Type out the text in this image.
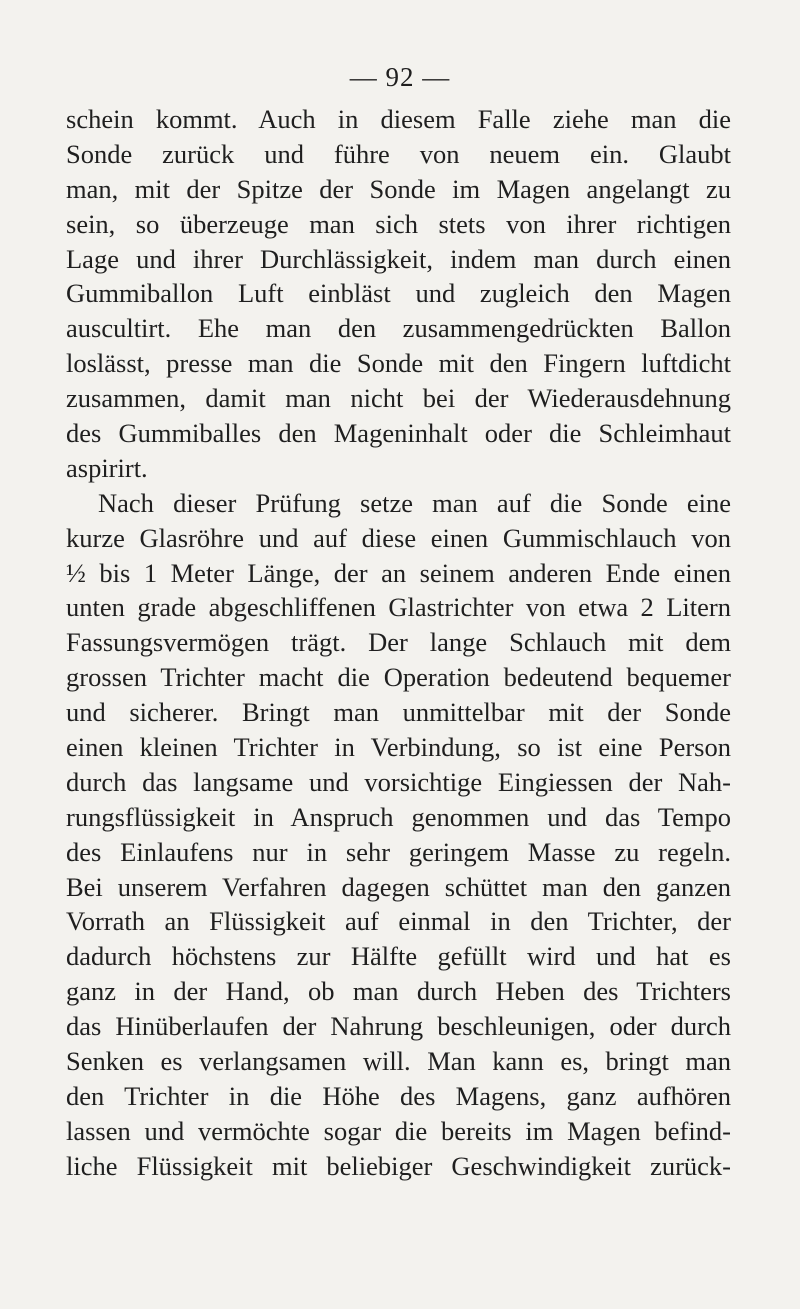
— 92 —
schein kommt. Auch in diesem Falle ziehe man die
Sonde zurück und führe von neuem ein. Glaubt
man, mit der Spitze der Sonde im Magen angelangt zu
sein, so überzeuge man sich stets von ihrer richtigen
Lage und ihrer Durchlässigkeit, indem man durch einen
Gummiballon Luft einbläst und zugleich den Magen
auscultirt. Ehe man den zusammengedrückten Ballon
loslässt, presse man die Sonde mit den Fingern luftdicht
zusammen, damit man nicht bei der Wiederausdehnung
des Gummiballes den Mageninhalt oder die Schleimhaut
aspirirt.
Nach dieser Prüfung setze man auf die Sonde eine
kurze Glasröhre und auf diese einen Gummischlauch von
½ bis 1 Meter Länge, der an seinem anderen Ende einen
unten grade abgeschliffenen Glastrichter von etwa 2 Litern
Fassungsvermögen trägt. Der lange Schlauch mit dem
grossen Trichter macht die Operation bedeutend bequemer
und sicherer. Bringt man unmittelbar mit der Sonde
einen kleinen Trichter in Verbindung, so ist eine Person
durch das langsame und vorsichtige Eingiessen der Nah-
rungsflüssigkeit in Anspruch genommen und das Tempo
des Einlaufens nur in sehr geringem Masse zu regeln.
Bei unserem Verfahren dagegen schüttet man den ganzen
Vorrath an Flüssigkeit auf einmal in den Trichter, der
dadurch höchstens zur Hälfte gefüllt wird und hat es
ganz in der Hand, ob man durch Heben des Trichters
das Hinüberlaufen der Nahrung beschleunigen, oder durch
Senken es verlangsamen will. Man kann es, bringt man
den Trichter in die Höhe des Magens, ganz aufhören
lassen und vermöchte sogar die bereits im Magen befind-
liche Flüssigkeit mit beliebiger Geschwindigkeit zurück-
